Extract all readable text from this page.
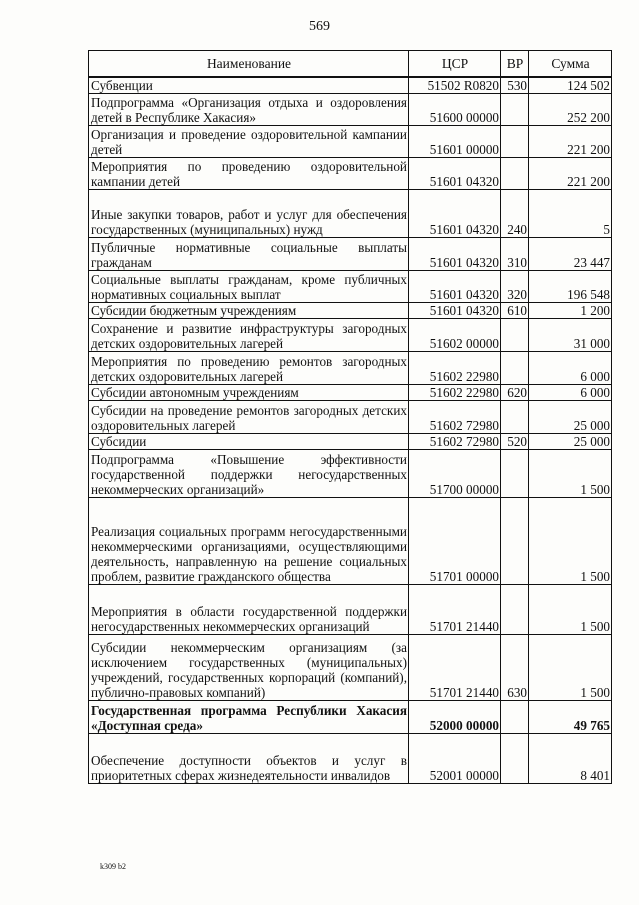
569
Наименование	ЦСР	ВР	Сумма
Субвенции	51502 R0820	530	124 502
Подпрограмма «Организация отдыха и оздоровления детей в Республике Хакасия»	51600 00000		252 200
Организация и проведение оздоровительной кампании детей	51601 00000		221 200
Мероприятия по проведению оздоровительной кампании детей	51601 04320		221 200
Иные закупки товаров, работ и услуг для обеспечения государственных (муниципальных) нужд	51601 04320	240	5
Публичные нормативные социальные выплаты гражданам	51601 04320	310	23 447
Социальные выплаты гражданам, кроме публичных нормативных социальных выплат	51601 04320	320	196 548
Субсидии бюджетным учреждениям	51601 04320	610	1 200
Сохранение и развитие инфраструктуры загородных детских оздоровительных лагерей	51602 00000		31 000
Мероприятия по проведению ремонтов загородных детских оздоровительных лагерей	51602 22980		6 000
Субсидии автономным учреждениям	51602 22980	620	6 000
Субсидии на проведение ремонтов загородных детских оздоровительных лагерей	51602 72980		25 000
Субсидии	51602 72980	520	25 000
Подпрограмма «Повышение эффективности государственной поддержки негосударственных некоммерческих организаций»	51700 00000		1 500
Реализация социальных программ негосударственными некоммерческими организациями, осуществляющими деятельность, направленную на решение социальных проблем, развитие гражданского общества	51701 00000		1 500
Мероприятия в области государственной поддержки негосударственных некоммерческих организаций	51701 21440		1 500
Субсидии некоммерческим организациям (за исключением государственных (муниципальных) учреждений, государственных корпораций (компаний), публично-правовых компаний)	51701 21440	630	1 500
Государственная программа Республики Хакасия «Доступная среда»	52000 00000		49 765
Обеспечение доступности объектов и услуг в приоритетных сферах жизнедеятельности инвалидов	52001 00000		8 401
k309 b2
